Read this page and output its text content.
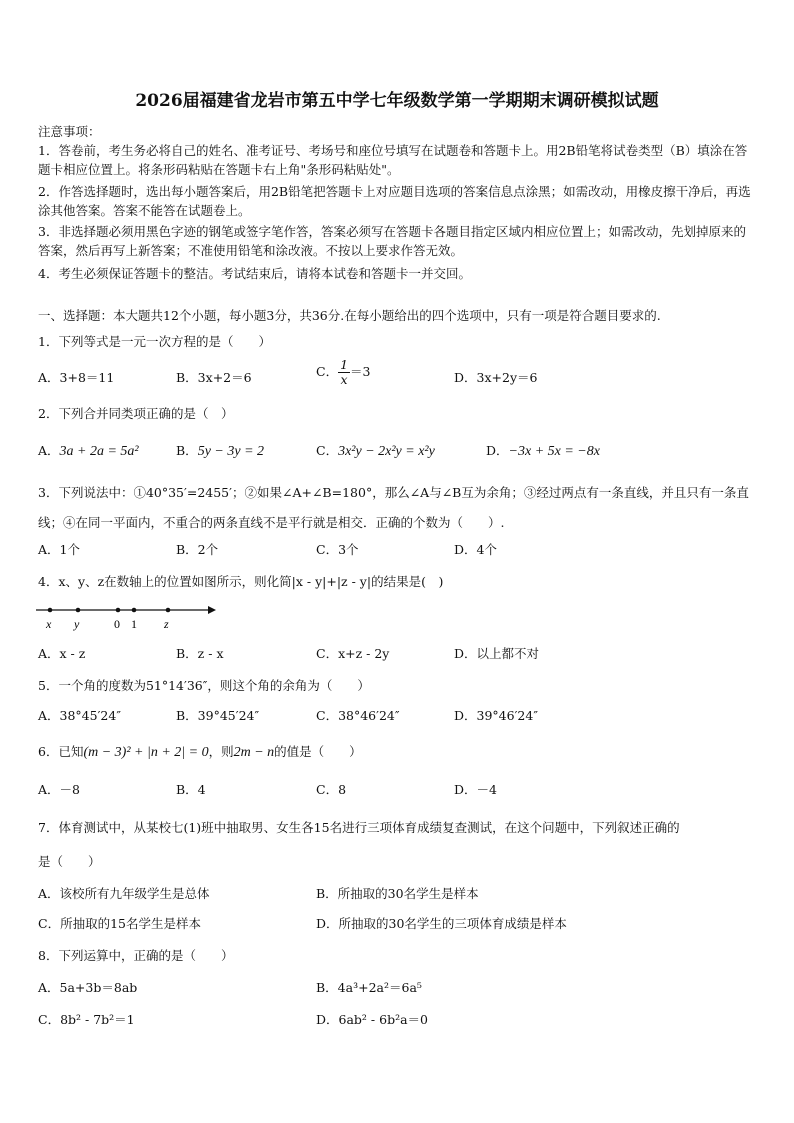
2026届福建省龙岩市第五中学七年级数学第一学期期末调研模拟试题
注意事项：
1．答卷前，考生务必将自己的姓名、准考证号、考场号和座位号填写在试题卷和答题卡上。用2B铅笔将试卷类型（B）填涂在答题卡相应位置上。将条形码粘贴在答题卡右上角"条形码粘贴处"。
2．作答选择题时，选出每小题答案后，用2B铅笔把答题卡上对应题目选项的答案信息点涂黑；如需改动，用橡皮擦干净后，再选涂其他答案。答案不能答在试题卷上。
3．非选择题必须用黑色字迹的钢笔或签字笔作答，答案必须写在答题卡各题目指定区域内相应位置上；如需改动，先划掉原来的答案，然后再写上新答案；不准使用铅笔和涂改液。不按以上要求作答无效。
4．考生必须保证答题卡的整洁。考试结束后，请将本试卷和答题卡一并交回。
一、选择题：本大题共12个小题，每小题3分，共36分.在每小题给出的四个选项中，只有一项是符合题目要求的.
1．下列等式是一元一次方程的是（　　）
A．3+8＝11	B．3x+2＝6	C． $\frac{1}{x} =3$	D．3x+2y＝6
2．下列合并同类项正确的是（　）
A．3a + 2a = 5a²	B．5y − 3y = 2	C．3x²y − 2x²y = x²y	D．−3x + 5x = −8x
3．下列说法中：①40°35′=2455′；②如果∠A+∠B=180°，那么∠A与∠B互为余角；③经过两点有一条直线，并且只有一条直线；④在同一平面内，不重合的两条直线不是平行就是相交．正确的个数为（　　）.
A．1个	B．2个	C．3个	D．4个
4．x、y、z在数轴上的位置如图所示，则化简|x - y|+|z - y|的结果是(　)
x y	0 1 z
A．x - z	B．z - x	C．x+z - 2y	D．以上都不对
5．一个角的度数为51°14′36″，则这个角的余角为（　　）
A．38°45′24″	B．39°45′24″	C．38°46′24″	D．39°46′24″
6．已知(m − 3)² + |n + 2| = 0，则2m − n的值是（　　）
A．－8	B．4	C．8	D．－4
7．体育测试中，从某校七(1)班中抽取男、女生各15名进行三项体育成绩复查测试，在这个问题中，下列叙述正确的
是（　　）
A．该校所有九年级学生是总体	B．所抽取的30名学生是样本
C．所抽取的15名学生是样本	D．所抽取的30名学生的三项体育成绩是样本
8．下列运算中，正确的是（　　）
A．5a+3b＝8ab	B．4a³+2a²＝6a⁵
C．8b² - 7b²＝1	D．6ab² - 6b²a＝0
